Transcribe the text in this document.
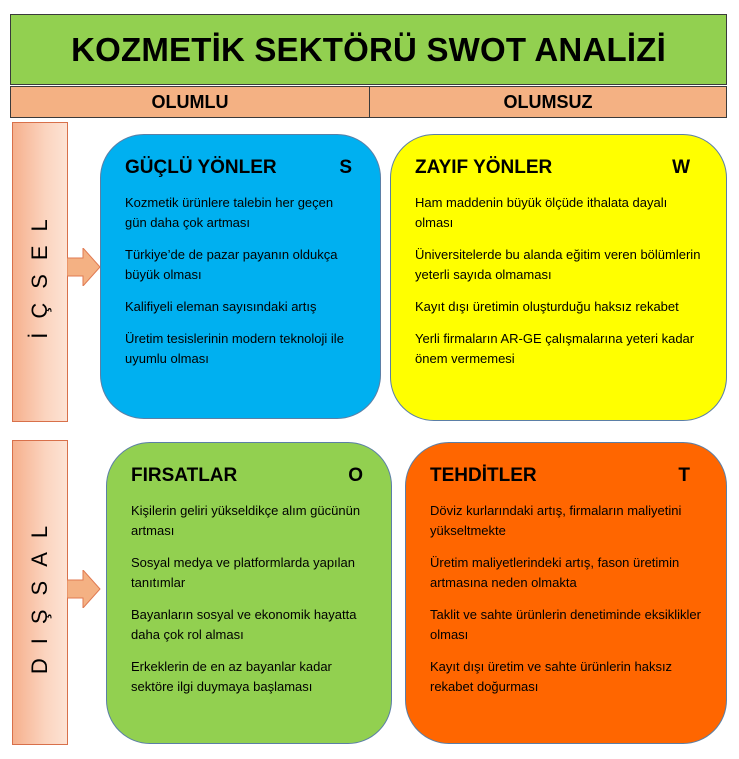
KOZMETİK SEKTÖRÜ SWOT ANALİZİ
OLUMLU	OLUMSUZ
İÇSEL
DIŞSAL
GÜÇLÜ YÖNLER	S
Kozmetik ürünlere talebin her geçen gün daha çok artması
Türkiye’de de pazar payanın oldukça büyük olması
Kalifiyeli eleman sayısındaki artış
Üretim tesislerinin modern teknoloji ile uyumlu olması
ZAYIF YÖNLER	W
Ham maddenin büyük ölçüde ithalata dayalı olması
Üniversitelerde bu alanda eğitim veren bölümlerin yeterli sayıda olmaması
Kayıt dışı üretimin oluşturduğu haksız rekabet
Yerli firmaların AR-GE çalışmalarına yeteri kadar önem vermemesi
FIRSATLAR	O
Kişilerin geliri yükseldikçe alım gücünün artması
Sosyal medya ve platformlarda yapılan tanıtımlar
Bayanların sosyal ve ekonomik hayatta daha çok rol alması
Erkeklerin de en az bayanlar kadar sektöre ilgi duymaya başlaması
TEHDİTLER	T
Döviz kurlarındaki artış, firmaların maliyetini yükseltmekte
Üretim maliyetlerindeki artış, fason üretimin artmasına neden olmakta
Taklit ve sahte ürünlerin denetiminde eksiklikler olması
Kayıt dışı üretim ve sahte ürünlerin haksız rekabet doğurması
